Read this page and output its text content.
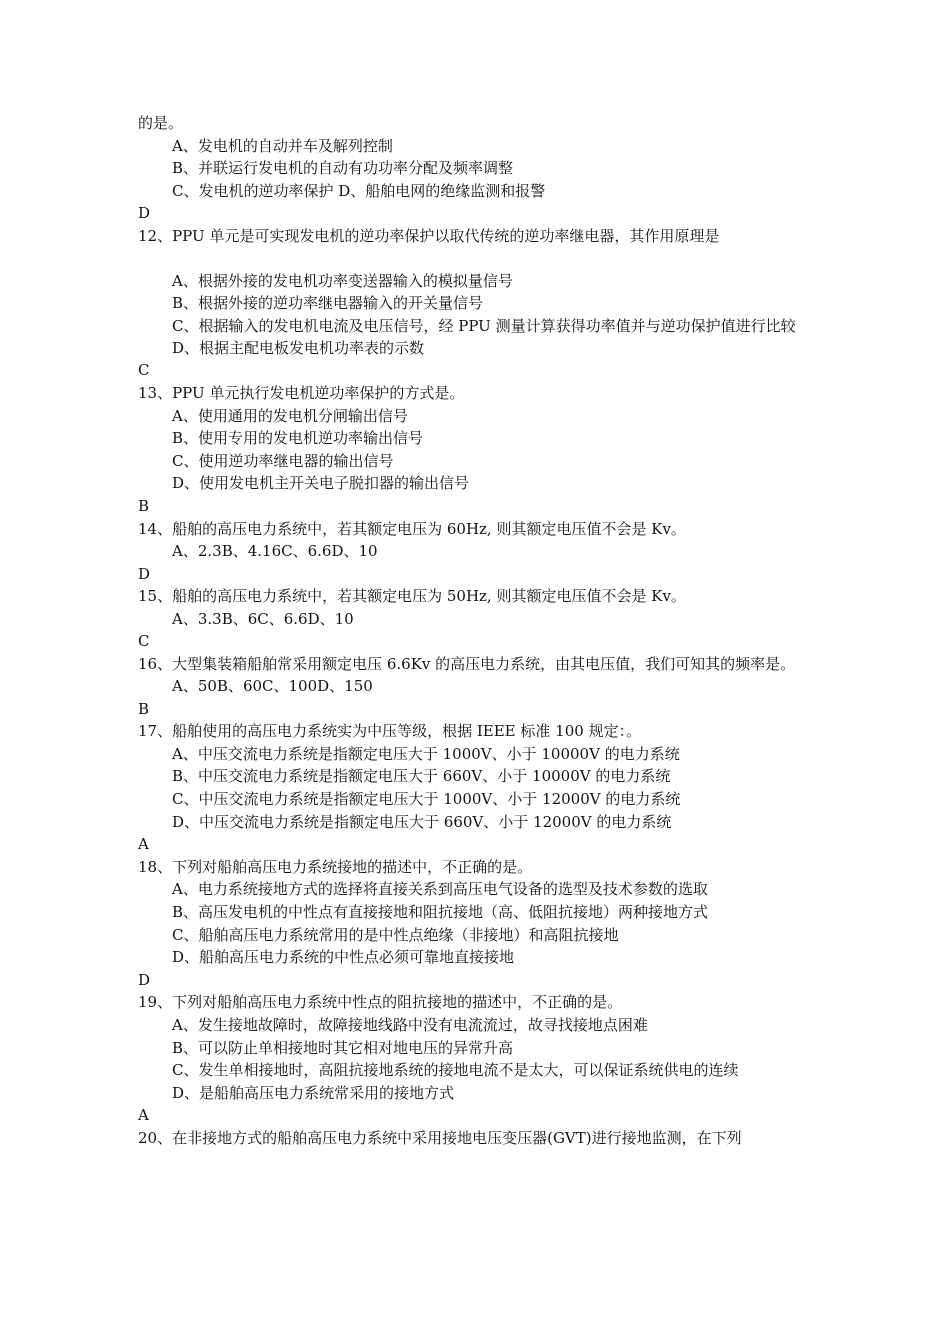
的是。
A、发电机的自动并车及解列控制
B、并联运行发电机的自动有功功率分配及频率调整
C、发电机的逆功率保护 D、船舶电网的绝缘监测和报警
D
12、PPU 单元是可实现发电机的逆功率保护以取代传统的逆功率继电器，其作用原理是
A、根据外接的发电机功率变送器输入的模拟量信号
B、根据外接的逆功率继电器输入的开关量信号
C、根据输入的发电机电流及电压信号，经 PPU 测量计算获得功率值并与逆功保护值进行比较
D、根据主配电板发电机功率表的示数
C
13、PPU 单元执行发电机逆功率保护的方式是。
A、使用通用的发电机分闸输出信号
B、使用专用的发电机逆功率输出信号
C、使用逆功率继电器的输出信号
D、使用发电机主开关电子脱扣器的输出信号
B
14、船舶的高压电力系统中，若其额定电压为 60Hz, 则其额定电压值不会是 Kv。
A、2.3B、4.16C、6.6D、10
D
15、船舶的高压电力系统中，若其额定电压为 50Hz, 则其额定电压值不会是 Kv。
A、3.3B、6C、6.6D、10
C
16、大型集装箱船舶常采用额定电压 6.6Kv 的高压电力系统，由其电压值，我们可知其的频率是。
A、50B、60C、100D、150
B
17、船舶使用的高压电力系统实为中压等级，根据 IEEE 标准 100 规定：。
A、中压交流电力系统是指额定电压大于 1000V、小于 10000V 的电力系统
B、中压交流电力系统是指额定电压大于 660V、小于 10000V 的电力系统
C、中压交流电力系统是指额定电压大于 1000V、小于 12000V 的电力系统
D、中压交流电力系统是指额定电压大于 660V、小于 12000V 的电力系统
A
18、下列对船舶高压电力系统接地的描述中，不正确的是。
A、电力系统接地方式的选择将直接关系到高压电气设备的选型及技术参数的选取
B、高压发电机的中性点有直接接地和阻抗接地（高、低阻抗接地）两种接地方式
C、船舶高压电力系统常用的是中性点绝缘（非接地）和高阻抗接地
D、船舶高压电力系统的中性点必须可靠地直接接地
D
19、下列对船舶高压电力系统中性点的阻抗接地的描述中，不正确的是。
A、发生接地故障时，故障接地线路中没有电流流过，故寻找接地点困难
B、可以防止单相接地时其它相对地电压的异常升高
C、发生单相接地时，高阻抗接地系统的接地电流不是太大，可以保证系统供电的连续
D、是船舶高压电力系统常采用的接地方式
A
20、在非接地方式的船舶高压电力系统中采用接地电压变压器(GVT)进行接地监测，在下列
